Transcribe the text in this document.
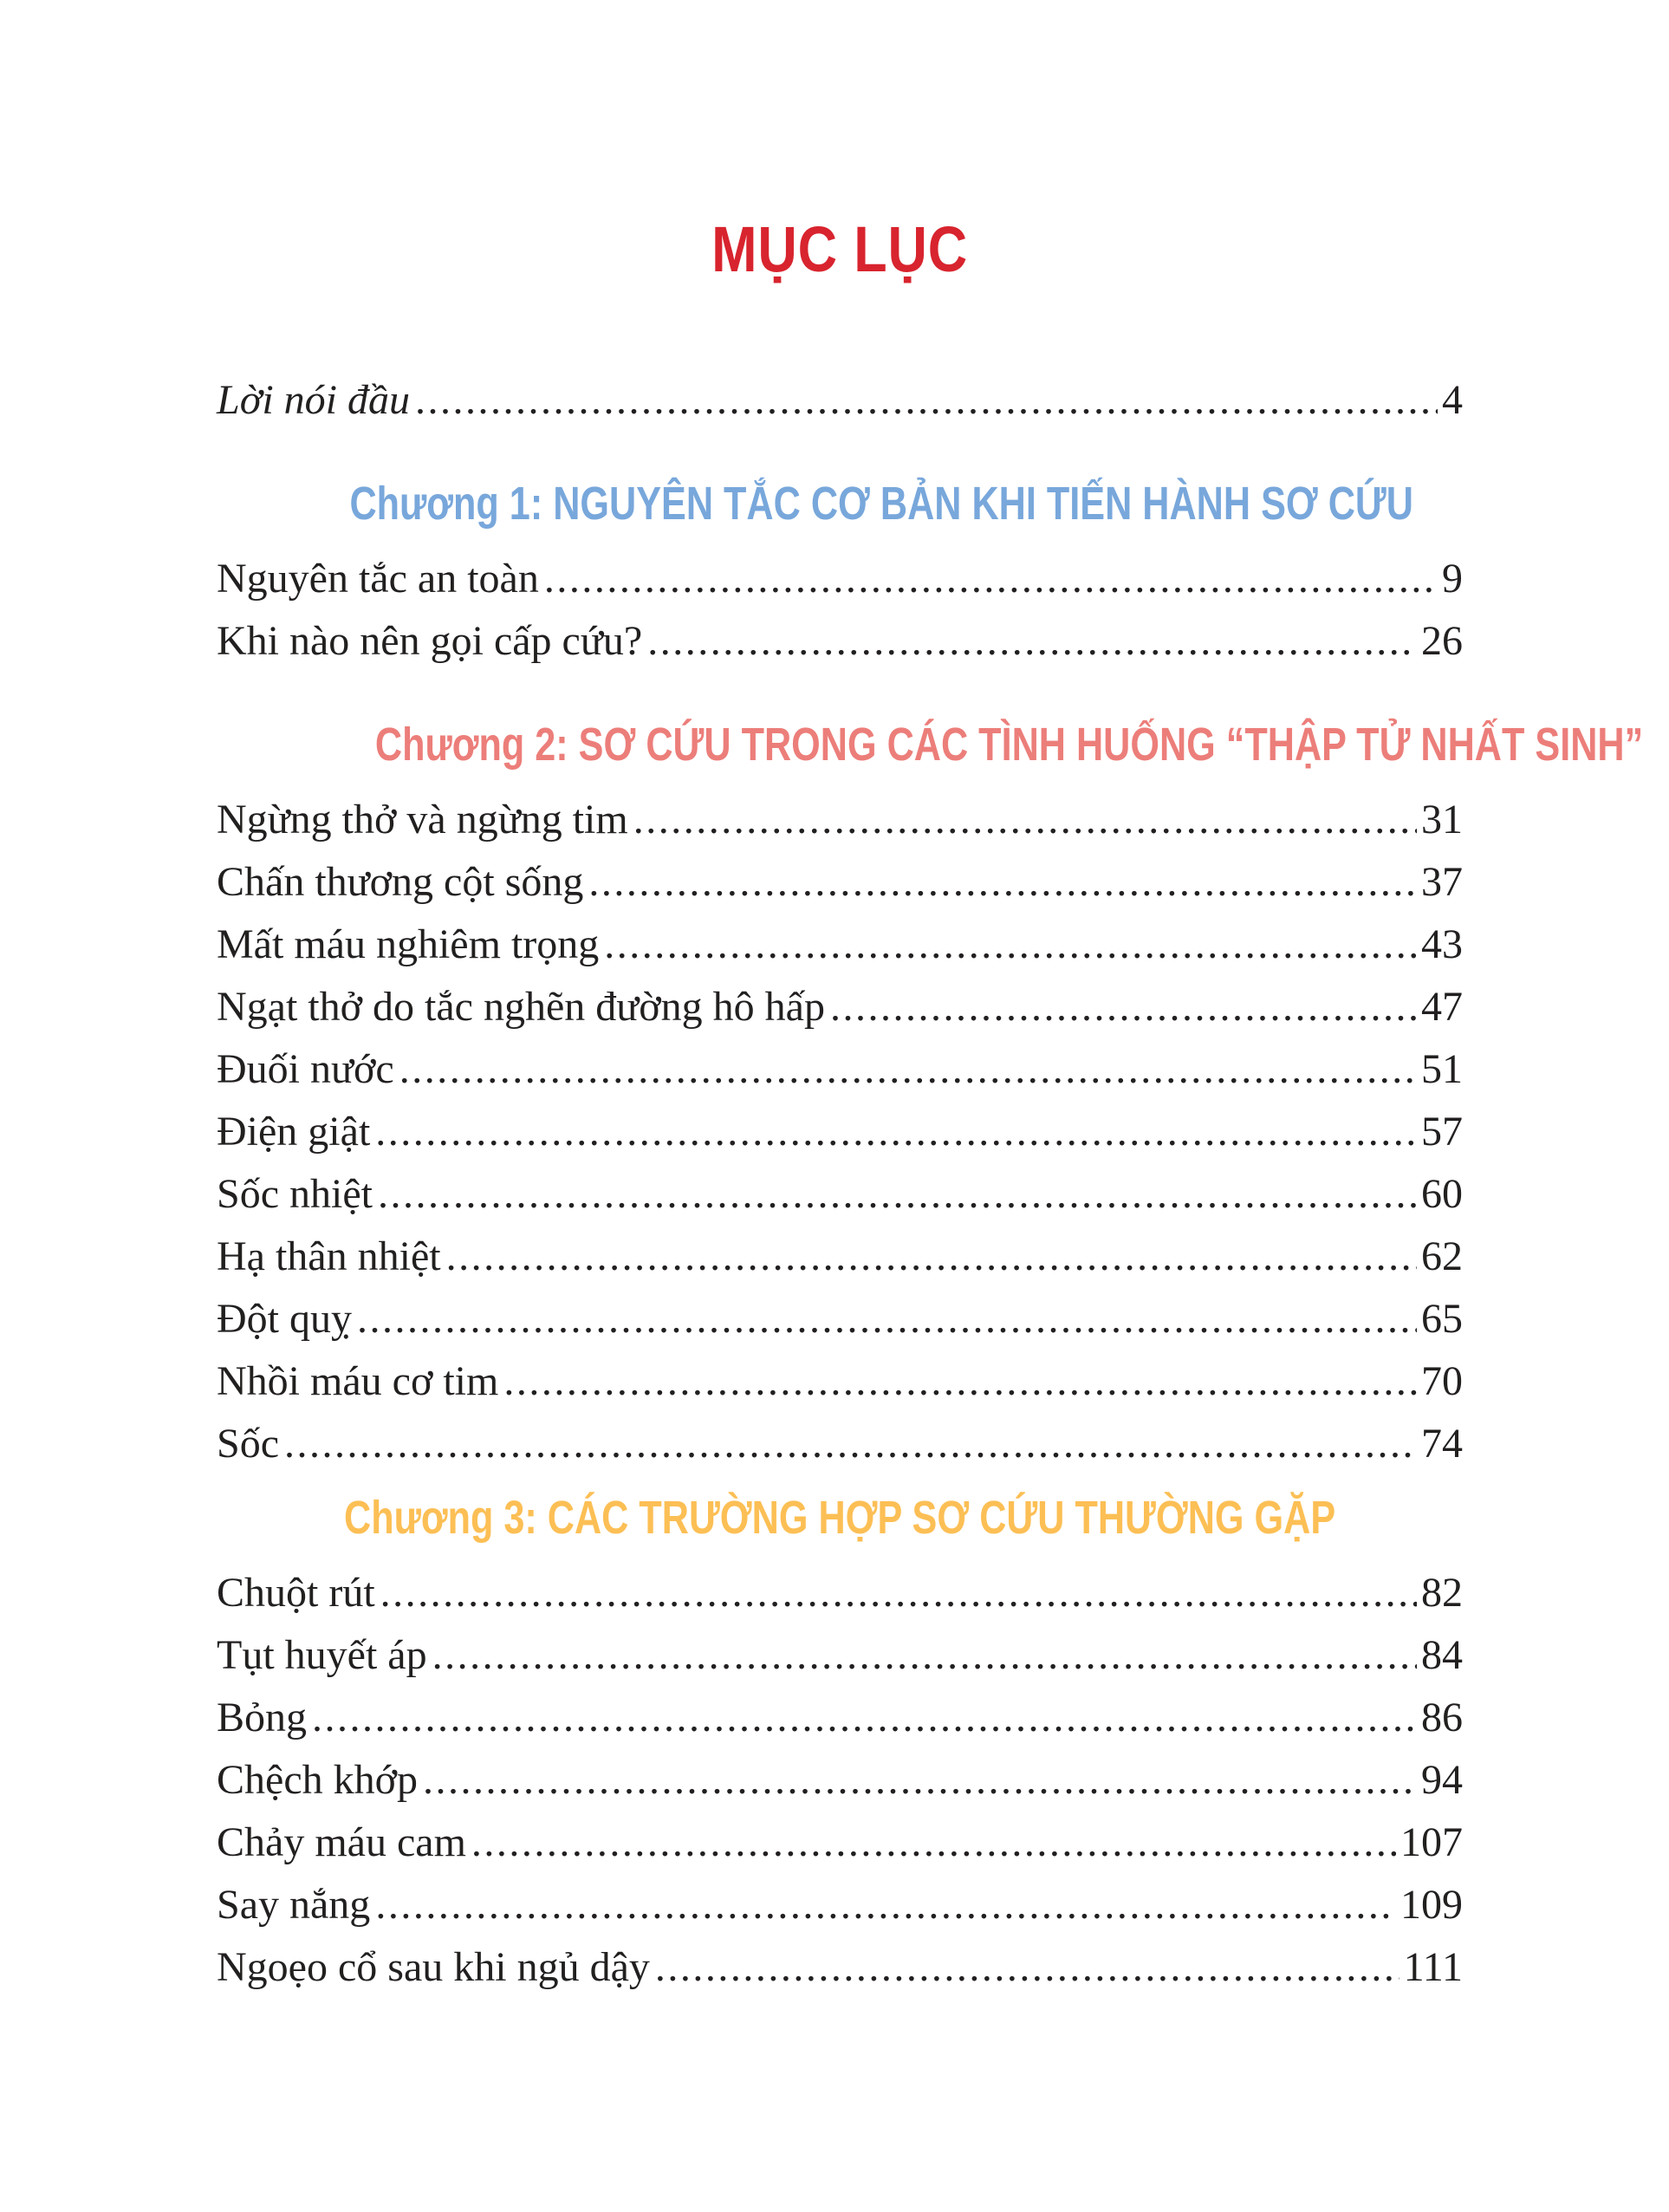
MỤC LỤC
Lời nói đầu .....	4
Chương 1: NGUYÊN TẮC CƠ BẢN KHI TIẾN HÀNH SƠ CỨU
Nguyên tắc an toàn .....	9
Khi nào nên gọi cấp cứu? .....	26
Chương 2: SƠ CỨU TRONG CÁC TÌNH HUỐNG “THẬP TỬ NHẤT SINH”
Ngừng thở và ngừng tim .....	31
Chấn thương cột sống .....	37
Mất máu nghiêm trọng .....	43
Ngạt thở do tắc nghẽn đường hô hấp .....	47
Đuối nước .....	51
Điện giật .....	57
Sốc nhiệt .....	60
Hạ thân nhiệt .....	62
Đột quỵ .....	65
Nhồi máu cơ tim .....	70
Sốc .....	74
Chương 3: CÁC TRƯỜNG HỢP SƠ CỨU THƯỜNG GẶP
Chuột rút .....	82
Tụt huyết áp .....	84
Bỏng .....	86
Chệch khớp .....	94
Chảy máu cam .....	107
Say nắng .....	109
Ngoẹo cổ sau khi ngủ dậy .....	111
